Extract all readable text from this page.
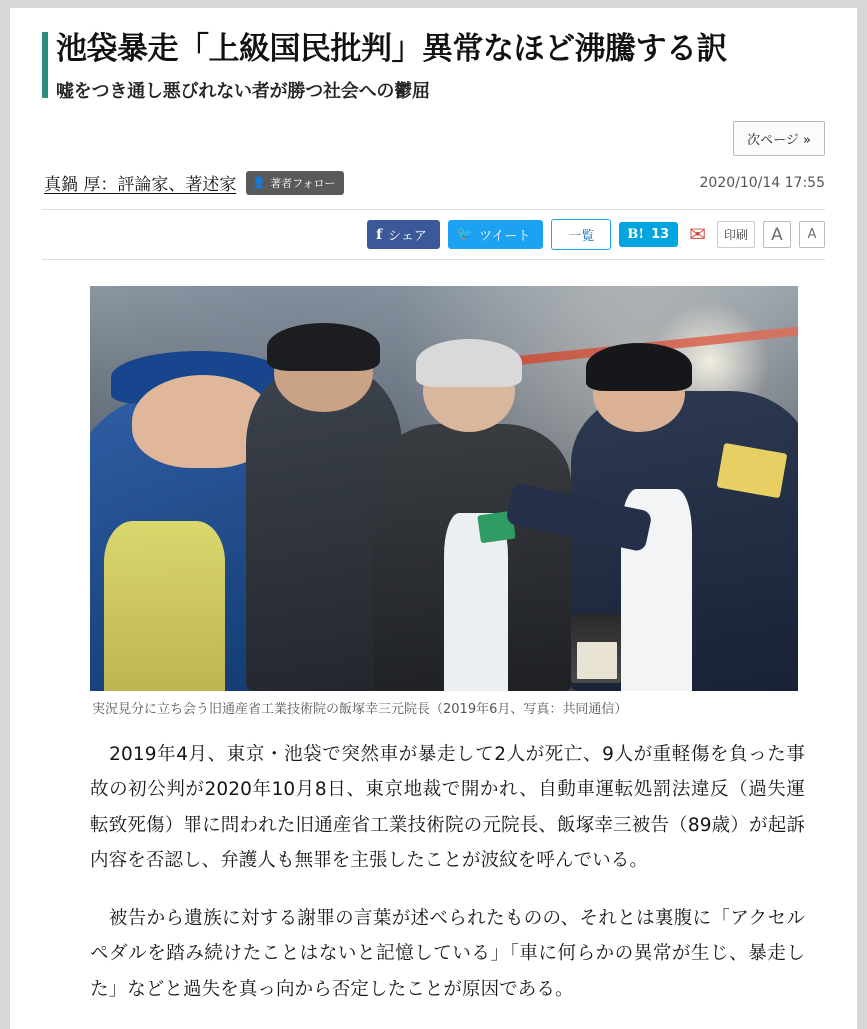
池袋暴走「上級国民批判」異常なほど沸騰する訳
嘘をつき通し悪びれない者が勝つ社会への鬱屈
次ページ »
真鍋 厚：評論家、著述家 👤 著者フォロー	2020/10/14 17:55
f シェア 🐦 ツイート	一覧	B! 13	✉	印刷	A	A
実況見分に立ち会う旧通産省工業技術院の飯塚幸三元院長（2019年6月、写真：共同通信）

　2019年4月、東京・池袋で突然車が暴走して2人が死亡、9人が重軽傷を負った事故の初公判が2020年10月8日、東京地裁で開かれ、自動車運転処罰法違反（過失運転致死傷）罪に問われた旧通産省工業技術院の元院長、飯塚幸三被告（89歳）が起訴内容を否認し、弁護人も無罪を主張したことが波紋を呼んでいる。

　被告から遺族に対する謝罪の言葉が述べられたものの、それとは裏腹に「アクセルペダルを踏み続けたことはないと記憶している」「車に何らかの異常が生じ、暴走した」などと過失を真っ向から否定したことが原因である。
